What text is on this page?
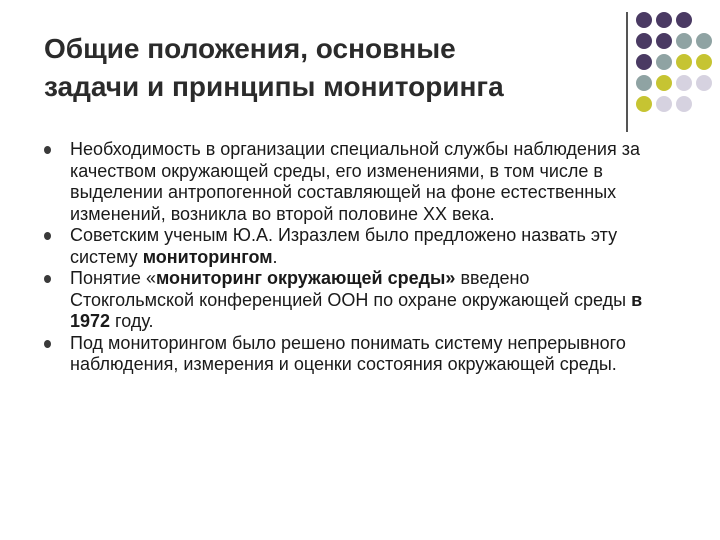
Общие положения, основные
задачи и принципы мониторинга
Необходимость в организации специальной службы наблюдения за качеством окружающей среды, его изменениями, в том числе в выделении антропогенной составляющей на фоне естественных изменений, возникла во второй половине XX века.
Советским ученым Ю.А. Изразлем было предложено назвать эту систему мониторингом.
Понятие «мониторинг окружающей среды» введено Стокгольмской конференцией ООН по охране окружающей среды в 1972 году.
Под мониторингом было решено понимать систему непрерывного наблюдения, измерения и оценки состояния окружающей среды.
